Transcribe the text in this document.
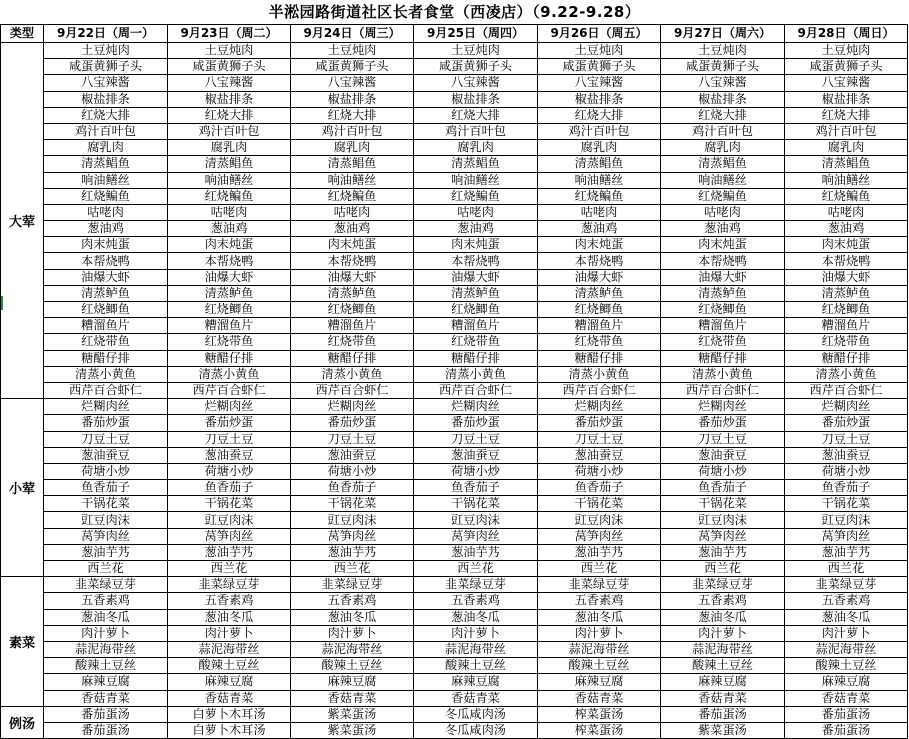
半淞园路街道社区长者食堂（西凌店）（9.22-9.28）
类型	9月22日（周一）	9月23日（周二）	9月24日（周三）	9月25日（周四）	9月26日（周五）	9月27日（周六）	9月28日（周日）
大荤	土豆炖肉	土豆炖肉	土豆炖肉	土豆炖肉	土豆炖肉	土豆炖肉	土豆炖肉
	咸蛋黄狮子头	咸蛋黄狮子头	咸蛋黄狮子头	咸蛋黄狮子头	咸蛋黄狮子头	咸蛋黄狮子头	咸蛋黄狮子头
	八宝辣酱	八宝辣酱	八宝辣酱	八宝辣酱	八宝辣酱	八宝辣酱	八宝辣酱
	椒盐排条	椒盐排条	椒盐排条	椒盐排条	椒盐排条	椒盐排条	椒盐排条
	红烧大排	红烧大排	红烧大排	红烧大排	红烧大排	红烧大排	红烧大排
	鸡汁百叶包	鸡汁百叶包	鸡汁百叶包	鸡汁百叶包	鸡汁百叶包	鸡汁百叶包	鸡汁百叶包
	腐乳肉	腐乳肉	腐乳肉	腐乳肉	腐乳肉	腐乳肉	腐乳肉
	清蒸鲳鱼	清蒸鲳鱼	清蒸鲳鱼	清蒸鲳鱼	清蒸鲳鱼	清蒸鲳鱼	清蒸鲳鱼
	响油鳝丝	响油鳝丝	响油鳝丝	响油鳝丝	响油鳝丝	响油鳝丝	响油鳝丝
	红烧鳊鱼	红烧鳊鱼	红烧鳊鱼	红烧鳊鱼	红烧鳊鱼	红烧鳊鱼	红烧鳊鱼
	咕咾肉	咕咾肉	咕咾肉	咕咾肉	咕咾肉	咕咾肉	咕咾肉
	葱油鸡	葱油鸡	葱油鸡	葱油鸡	葱油鸡	葱油鸡	葱油鸡
	肉末炖蛋	肉末炖蛋	肉末炖蛋	肉末炖蛋	肉末炖蛋	肉末炖蛋	肉末炖蛋
	本帮烧鸭	本帮烧鸭	本帮烧鸭	本帮烧鸭	本帮烧鸭	本帮烧鸭	本帮烧鸭
	油爆大虾	油爆大虾	油爆大虾	油爆大虾	油爆大虾	油爆大虾	油爆大虾
	清蒸鲈鱼	清蒸鲈鱼	清蒸鲈鱼	清蒸鲈鱼	清蒸鲈鱼	清蒸鲈鱼	清蒸鲈鱼
	红烧鲫鱼	红烧鲫鱼	红烧鲫鱼	红烧鲫鱼	红烧鲫鱼	红烧鲫鱼	红烧鲫鱼
	糟溜鱼片	糟溜鱼片	糟溜鱼片	糟溜鱼片	糟溜鱼片	糟溜鱼片	糟溜鱼片
	红烧带鱼	红烧带鱼	红烧带鱼	红烧带鱼	红烧带鱼	红烧带鱼	红烧带鱼
	糖醋仔排	糖醋仔排	糖醋仔排	糖醋仔排	糖醋仔排	糖醋仔排	糖醋仔排
	清蒸小黄鱼	清蒸小黄鱼	清蒸小黄鱼	清蒸小黄鱼	清蒸小黄鱼	清蒸小黄鱼	清蒸小黄鱼
	西芹百合虾仁	西芹百合虾仁	西芹百合虾仁	西芹百合虾仁	西芹百合虾仁	西芹百合虾仁	西芹百合虾仁
小荤	烂糊肉丝	烂糊肉丝	烂糊肉丝	烂糊肉丝	烂糊肉丝	烂糊肉丝	烂糊肉丝
	番茄炒蛋	番茄炒蛋	番茄炒蛋	番茄炒蛋	番茄炒蛋	番茄炒蛋	番茄炒蛋
	刀豆土豆	刀豆土豆	刀豆土豆	刀豆土豆	刀豆土豆	刀豆土豆	刀豆土豆
	葱油蚕豆	葱油蚕豆	葱油蚕豆	葱油蚕豆	葱油蚕豆	葱油蚕豆	葱油蚕豆
	荷塘小炒	荷塘小炒	荷塘小炒	荷塘小炒	荷塘小炒	荷塘小炒	荷塘小炒
	鱼香茄子	鱼香茄子	鱼香茄子	鱼香茄子	鱼香茄子	鱼香茄子	鱼香茄子
	干锅花菜	干锅花菜	干锅花菜	干锅花菜	干锅花菜	干锅花菜	干锅花菜
	豇豆肉沫	豇豆肉沫	豇豆肉沫	豇豆肉沫	豇豆肉沫	豇豆肉沫	豇豆肉沫
	莴笋肉丝	莴笋肉丝	莴笋肉丝	莴笋肉丝	莴笋肉丝	莴笋肉丝	莴笋肉丝
	葱油芋艿	葱油芋艿	葱油芋艿	葱油芋艿	葱油芋艿	葱油芋艿	葱油芋艿
	西兰花	西兰花	西兰花	西兰花	西兰花	西兰花	西兰花
素菜	韭菜绿豆芽	韭菜绿豆芽	韭菜绿豆芽	韭菜绿豆芽	韭菜绿豆芽	韭菜绿豆芽	韭菜绿豆芽
	五香素鸡	五香素鸡	五香素鸡	五香素鸡	五香素鸡	五香素鸡	五香素鸡
	葱油冬瓜	葱油冬瓜	葱油冬瓜	葱油冬瓜	葱油冬瓜	葱油冬瓜	葱油冬瓜
	肉汁萝卜	肉汁萝卜	肉汁萝卜	肉汁萝卜	肉汁萝卜	肉汁萝卜	肉汁萝卜
	蒜泥海带丝	蒜泥海带丝	蒜泥海带丝	蒜泥海带丝	蒜泥海带丝	蒜泥海带丝	蒜泥海带丝
	酸辣土豆丝	酸辣土豆丝	酸辣土豆丝	酸辣土豆丝	酸辣土豆丝	酸辣土豆丝	酸辣土豆丝
	麻辣豆腐	麻辣豆腐	麻辣豆腐	麻辣豆腐	麻辣豆腐	麻辣豆腐	麻辣豆腐
	香菇青菜	香菇青菜	香菇青菜	香菇青菜	香菇青菜	香菇青菜	香菇青菜
例汤	番茄蛋汤	白萝卜木耳汤	紫菜蛋汤	冬瓜咸肉汤	榨菜蛋汤	番茄蛋汤	番茄蛋汤
	番茄蛋汤	白萝卜木耳汤	紫菜蛋汤	冬瓜咸肉汤	榨菜蛋汤	紫菜蛋汤	番茄蛋汤
